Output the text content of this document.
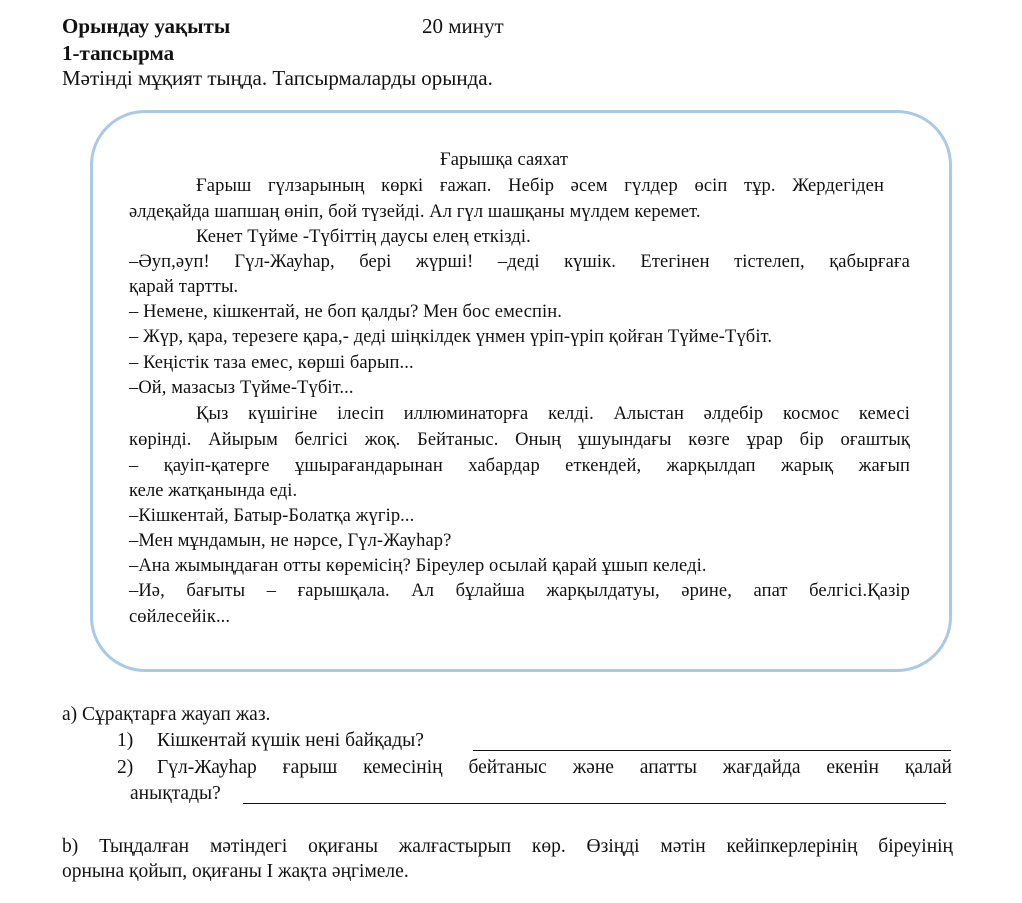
Орындау уақыты	20 минут
1-тапсырма
Мәтінді мұқият тыңда. Тапсырмаларды орында.
Ғарышқа саяхат
Ғарыш гүлзарының көркі ғажап. Небір әсем гүлдер өсіп тұр. Жердегіден
әлдеқайда шапшаң өніп, бой түзейді. Ал гүл шашқаны мүлдем керемет.
Кенет Түйме -Түбіттің даусы елең еткізді.
–Әуп,әуп! Гүл-Жауһар, бері жүрші! –деді күшік. Етегінен тістелеп, қабырғаға
қарай тартты.
– Немене, кішкентай, не боп қалды? Мен бос емеспін.
– Жүр, қара, терезеге қара,- деді шіңкілдек үнмен үріп-үріп қойған Түйме-Түбіт.
– Кеңістік таза емес, көрші барып...
–Ой, мазасыз Түйме-Түбіт...
Қыз күшігіне ілесіп иллюминаторға келді. Алыстан әлдебір космос кемесі
көрінді. Айырым белгісі жоқ. Бейтаныс. Оның ұшуындағы көзге ұрар бір оғаштық
– қауіп-қатерге ұшырағандарынан хабардар еткендей, жарқылдап жарық жағып
келе жатқанында еді.
–Кішкентай, Батыр-Болатқа жүгір...
–Мен мұндамын, не нәрсе, Гүл-Жауһар?
–Ана жымыңдаған отты көремісің? Біреулер осылай қарай ұшып келеді.
–Иә, бағыты – ғарышқала. Ал бұлайша жарқылдатуы, әрине, апат белгісі.Қазір
сөйлесейік...
а) Сұрақтарға жауап жаз.
1) Кішкентай күшік нені байқады?
2) Гүл-Жауһар ғарыш кемесінің бейтаныс және апатты жағдайда екенін қалай
анықтады?
b) Тыңдалған мәтіндегі оқиғаны жалғастырып көр. Өзіңді мәтін кейіпкерлерінің біреуінің
орнына қойып, оқиғаны І жақта әңгімеле.
